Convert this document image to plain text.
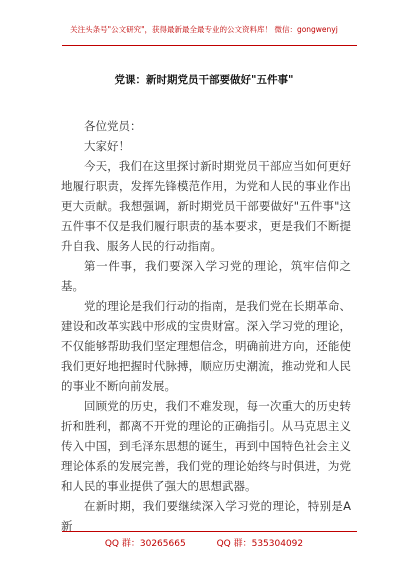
关注头条号"公文研究"，获得最新最全最专业的公文资料库！ 微信：gongwenyj
党课：新时期党员干部要做好"五件事"

各位党员：

大家好！

今天，我们在这里探讨新时期党员干部应当如何更好地履行职责，发挥先锋模范作用，为党和人民的事业作出更大贡献。我想强调，新时期党员干部要做好"五件事"这五件事不仅是我们履行职责的基本要求，更是我们不断提升自我、服务人民的行动指南。

第一件事，我们要深入学习党的理论，筑牢信仰之基。

党的理论是我们行动的指南，是我们党在长期革命、建设和改革实践中形成的宝贵财富。深入学习党的理论，不仅能够帮助我们坚定理想信念，明确前进方向，还能使我们更好地把握时代脉搏，顺应历史潮流，推动党和人民的事业不断向前发展。

回顾党的历史，我们不难发现，每一次重大的历史转折和胜利，都离不开党的理论的正确指引。从马克思主义传入中国，到毛泽东思想的诞生，再到中国特色社会主义理论体系的发展完善，我们党的理论始终与时俱进，为党和人民的事业提供了强大的思想武器。

在新时期，我们要继续深入学习党的理论，特别是A新

QQ 群：30265665	QQ 群：535304092
